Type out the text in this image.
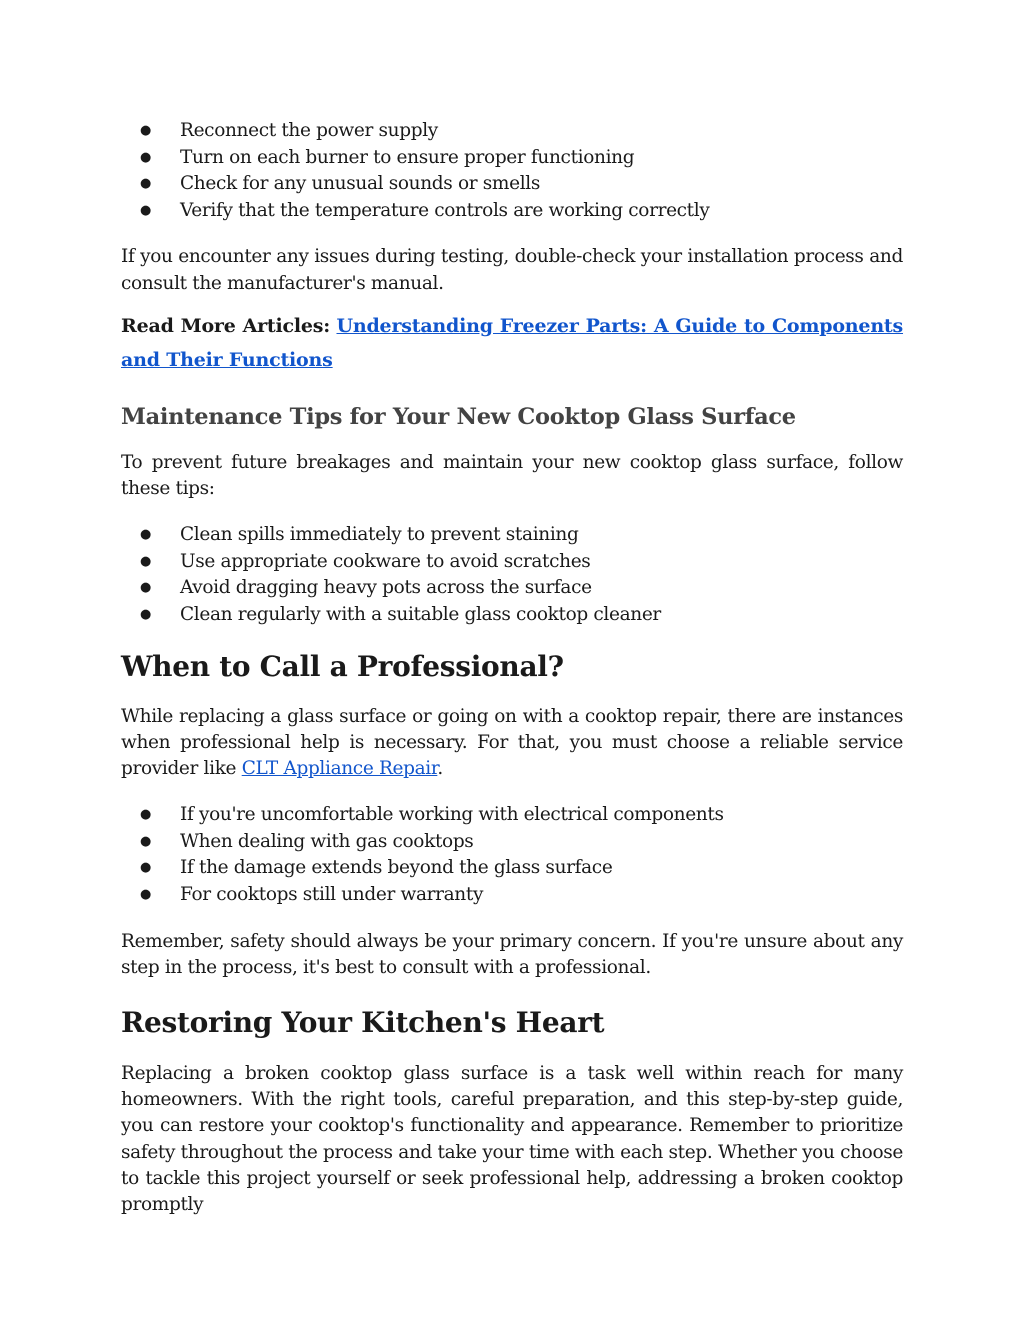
● Reconnect the power supply
● Turn on each burner to ensure proper functioning
● Check for any unusual sounds or smells
● Verify that the temperature controls are working correctly

If you encounter any issues during testing, double-check your installation process and consult the manufacturer's manual.

Read More Articles: Understanding Freezer Parts: A Guide to Components and Their Functions

Maintenance Tips for Your New Cooktop Glass Surface

To prevent future breakages and maintain your new cooktop glass surface, follow these tips:

● Clean spills immediately to prevent staining
● Use appropriate cookware to avoid scratches
● Avoid dragging heavy pots across the surface
● Clean regularly with a suitable glass cooktop cleaner
When to Call a Professional?

While replacing a glass surface or going on with a cooktop repair, there are instances when professional help is necessary. For that, you must choose a reliable service provider like CLT Appliance Repair.

● If you're uncomfortable working with electrical components
● When dealing with gas cooktops
● If the damage extends beyond the glass surface
● For cooktops still under warranty

Remember, safety should always be your primary concern. If you're unsure about any step in the process, it's best to consult with a professional.

Restoring Your Kitchen's Heart

Replacing a broken cooktop glass surface is a task well within reach for many homeowners. With the right tools, careful preparation, and this step-by-step guide, you can restore your cooktop's functionality and appearance. Remember to prioritize safety throughout the process and take your time with each step. Whether you choose to tackle this project yourself or seek professional help, addressing a broken cooktop promptly
